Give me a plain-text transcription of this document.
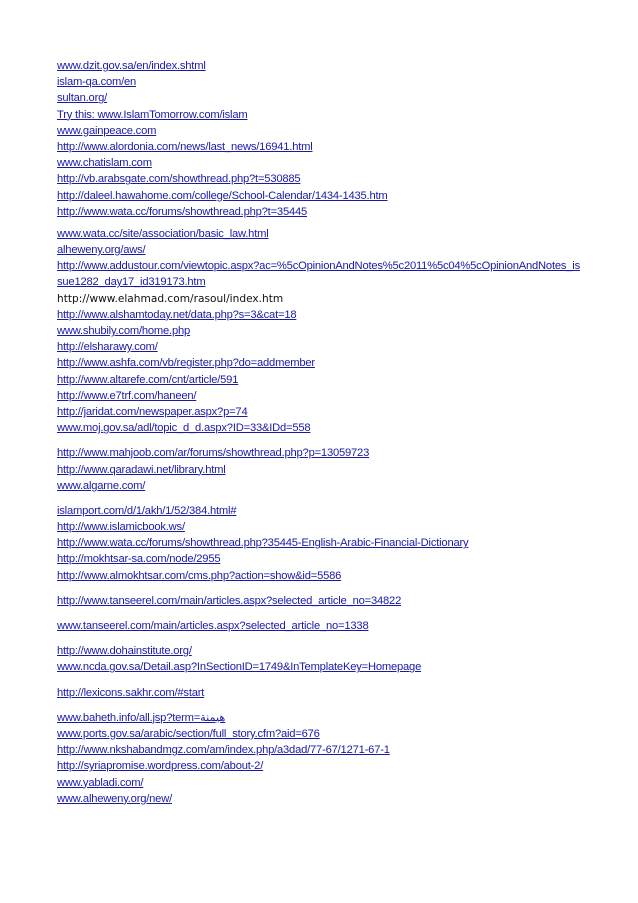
www.dzit.gov.sa/en/index.shtml
islam-qa.com/en
sultan.org/
Try this: www.IslamTomorrow.com/islam
www.gainpeace.com
http://www.alordonia.com/news/last_news/16941.html
www.chatislam.com
http://vb.arabsgate.com/showthread.php?t=530885
http://daleel.hawahome.com/college/School-Calendar/1434-1435.htm
http://www.wata.cc/forums/showthread.php?t=35445
www.wata.cc/site/association/basic_law.html
alheweny.org/aws/
http://www.addustour.com/viewtopic.aspx?ac=%5cOpinionAndNotes%5c2011%5c04%5cOpinionAndNotes_issue1282_day17_id319173.htm
http://www.elahmad.com/rasoul/index.htm
http://www.alshamtoday.net/data.php?s=3&cat=18
www.shubily.com/home.php
http://elsharawy.com/
http://www.ashfa.com/vb/register.php?do=addmember
http://www.altarefe.com/cnt/article/591
http://www.e7trf.com/haneen/
http://jaridat.com/newspaper.aspx?p=74
www.moj.gov.sa/adl/topic_d_d.aspx?ID=33&IDd=558
http://www.mahjoob.com/ar/forums/showthread.php?p=13059723
http://www.qaradawi.net/library.html
www.algarne.com/
islamport.com/d/1/akh/1/52/384.html#
http://www.islamicbook.ws/
http://www.wata.cc/forums/showthread.php?35445-English-Arabic-Financial-Dictionary
http://mokhtsar-sa.com/node/2955
http://www.almokhtsar.com/cms.php?action=show&id=5586
http://www.tanseerel.com/main/articles.aspx?selected_article_no=34822
www.tanseerel.com/main/articles.aspx?selected_article_no=1338
http://www.dohainstitute.org/
www.ncda.gov.sa/Detail.asp?InSectionID=1749&InTemplateKey=Homepage
http://lexicons.sakhr.com/#start
www.baheth.info/all.jsp?term=هيمنة
www.ports.gov.sa/arabic/section/full_story.cfm?aid=676
http://www.nkshabandmgz.com/am/index.php/a3dad/77-67/1271-67-1
http://syriapromise.wordpress.com/about-2/
www.yabladi.com/
www.alheweny.org/new/
